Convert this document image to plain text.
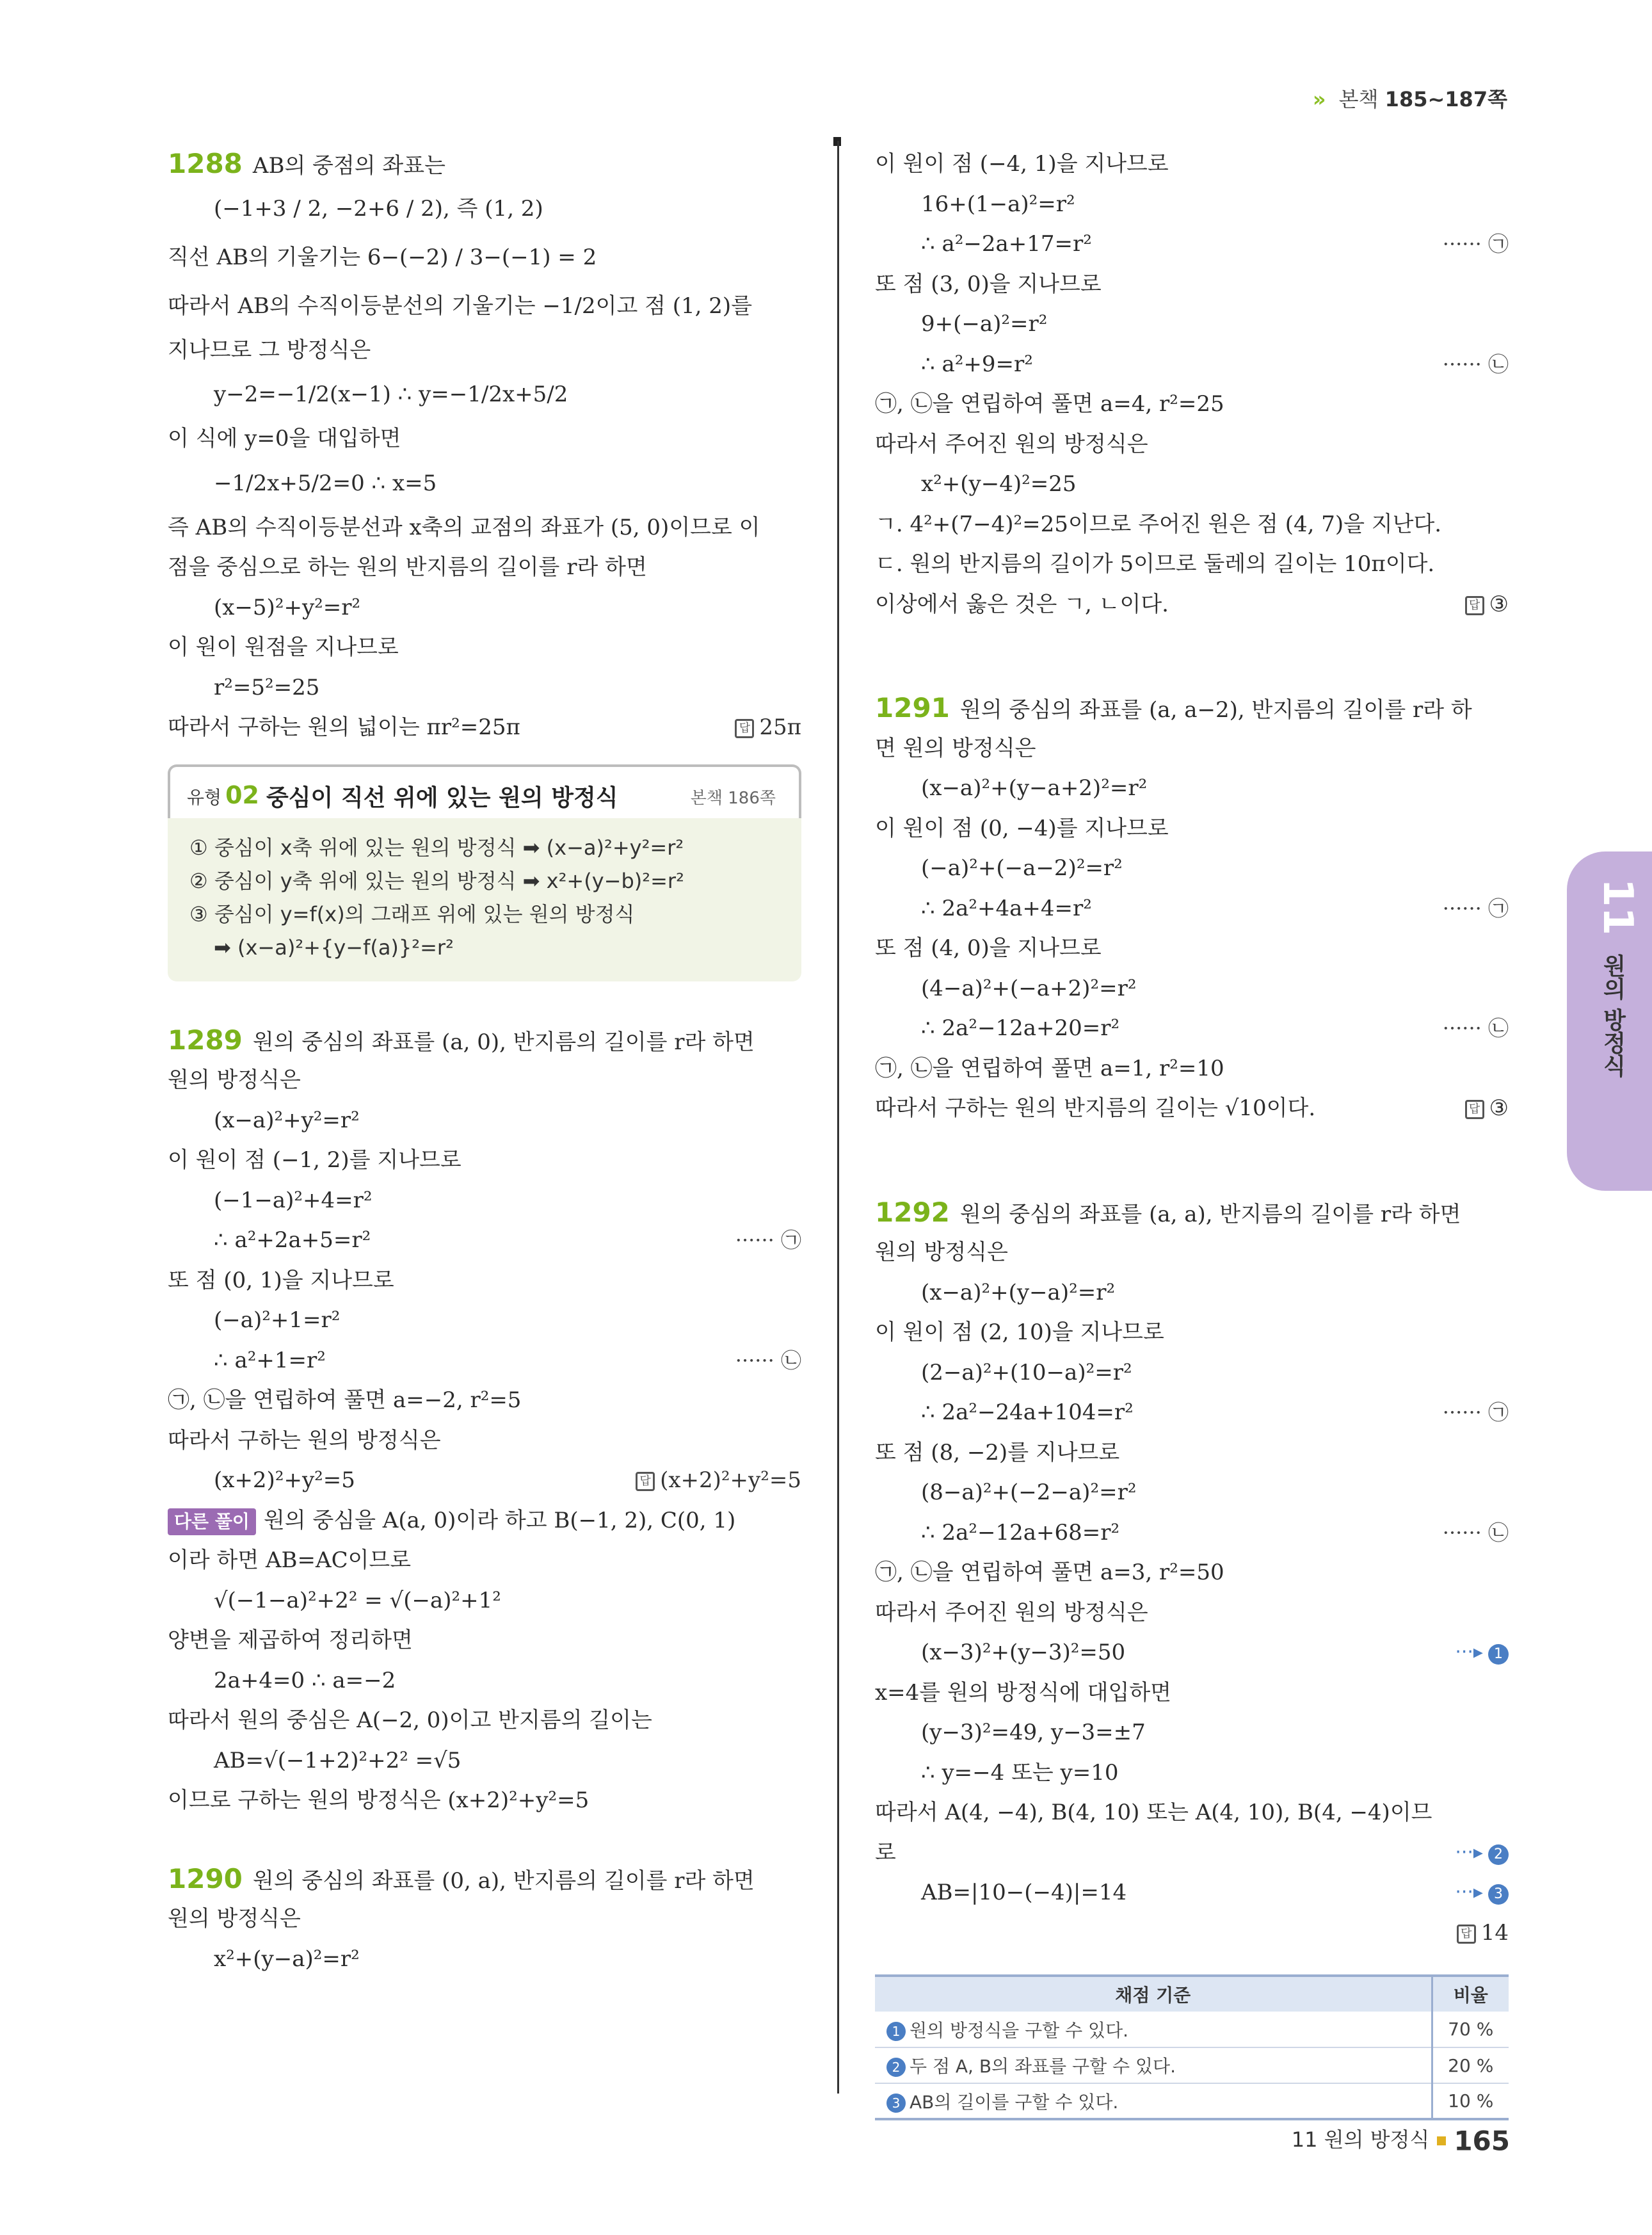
» 본책 185~187쪽
1288 AB의 중점의 좌표는
(−1+3 / 2, −2+6 / 2), 즉 (1, 2)
직선 AB의 기울기는 6−(−2) / 3−(−1) = 2
따라서 AB의 수직이등분선의 기울기는 −1/2이고 점 (1, 2)를
지나므로 그 방정식은
y−2=−1/2(x−1) ∴ y=−1/2x+5/2
이 식에 y=0을 대입하면
−1/2x+5/2=0 ∴ x=5
즉 AB의 수직이등분선과 x축의 교점의 좌표가 (5, 0)이므로 이
점을 중심으로 하는 원의 반지름의 길이를 r라 하면
(x−5)²+y²=r²
이 원이 원점을 지나므로
r²=5²=25
답 25π
따라서 구하는 원의 넓이는 πr²=25π
유형 02 중심이 직선 위에 있는 원의 방정식	본책 186쪽
① 중심이 x축 위에 있는 원의 방정식 ➡ (x−a)²+y²=r²
② 중심이 y축 위에 있는 원의 방정식 ➡ x²+(y−b)²=r²
③ 중심이 y=f(x)의 그래프 위에 있는 원의 방정식
➡ (x−a)²+{y−f(a)}²=r²
1289 원의 중심의 좌표를 (a, 0), 반지름의 길이를 r라 하면
원의 방정식은
(x−a)²+y²=r²
이 원이 점 (−1, 2)를 지나므로
(−1−a)²+4=r²
······ ㉠
∴ a²+2a+5=r²
또 점 (0, 1)을 지나므로
(−a)²+1=r²
······ ㉡
∴ a²+1=r²
㉠, ㉡을 연립하여 풀면 a=−2, r²=5
따라서 구하는 원의 방정식은
답 (x+2)²+y²=5
(x+2)²+y²=5
다른 풀이 원의 중심을 A(a, 0)이라 하고 B(−1, 2), C(0, 1)
이라 하면 AB=AC이므로
√(−1−a)²+2² = √(−a)²+1²
양변을 제곱하여 정리하면
2a+4=0 ∴ a=−2
따라서 원의 중심은 A(−2, 0)이고 반지름의 길이는
AB=√(−1+2)²+2² =√5
이므로 구하는 원의 방정식은 (x+2)²+y²=5
1290 원의 중심의 좌표를 (0, a), 반지름의 길이를 r라 하면
원의 방정식은
x²+(y−a)²=r²
이 원이 점 (−4, 1)을 지나므로
16+(1−a)²=r²
······ ㉠
∴ a²−2a+17=r²
또 점 (3, 0)을 지나므로
9+(−a)²=r²
······ ㉡
∴ a²+9=r²
㉠, ㉡을 연립하여 풀면 a=4, r²=25
따라서 주어진 원의 방정식은
x²+(y−4)²=25
ㄱ. 4²+(7−4)²=25이므로 주어진 원은 점 (4, 7)을 지난다.
ㄷ. 원의 반지름의 길이가 5이므로 둘레의 길이는 10π이다.
답 ③
이상에서 옳은 것은 ㄱ, ㄴ이다.
1291 원의 중심의 좌표를 (a, a−2), 반지름의 길이를 r라 하
면 원의 방정식은
(x−a)²+(y−a+2)²=r²
이 원이 점 (0, −4)를 지나므로
(−a)²+(−a−2)²=r²
······ ㉠
∴ 2a²+4a+4=r²
또 점 (4, 0)을 지나므로
(4−a)²+(−a+2)²=r²
······ ㉡
∴ 2a²−12a+20=r²
㉠, ㉡을 연립하여 풀면 a=1, r²=10
답 ③
따라서 구하는 원의 반지름의 길이는 √10이다.
1292 원의 중심의 좌표를 (a, a), 반지름의 길이를 r라 하면
원의 방정식은
(x−a)²+(y−a)²=r²
이 원이 점 (2, 10)을 지나므로
(2−a)²+(10−a)²=r²
······ ㉠
∴ 2a²−24a+104=r²
또 점 (8, −2)를 지나므로
(8−a)²+(−2−a)²=r²
······ ㉡
∴ 2a²−12a+68=r²
㉠, ㉡을 연립하여 풀면 a=3, r²=50
따라서 주어진 원의 방정식은
···▸ 1
(x−3)²+(y−3)²=50
x=4를 원의 방정식에 대입하면
(y−3)²=49, y−3=±7
∴ y=−4 또는 y=10
따라서 A(4, −4), B(4, 10) 또는 A(4, 10), B(4, −4)이므
···▸ 2
로
···▸ 3
AB=|10−(−4)|=14
답 14
채점 기준	비율
1 원의 방정식을 구할 수 있다.	70 %
2 두 점 A, B의 좌표를 구할 수 있다.	20 %
3 AB의 길이를 구할 수 있다.	10 %
11
원의 방정식
11 원의 방정식 165
